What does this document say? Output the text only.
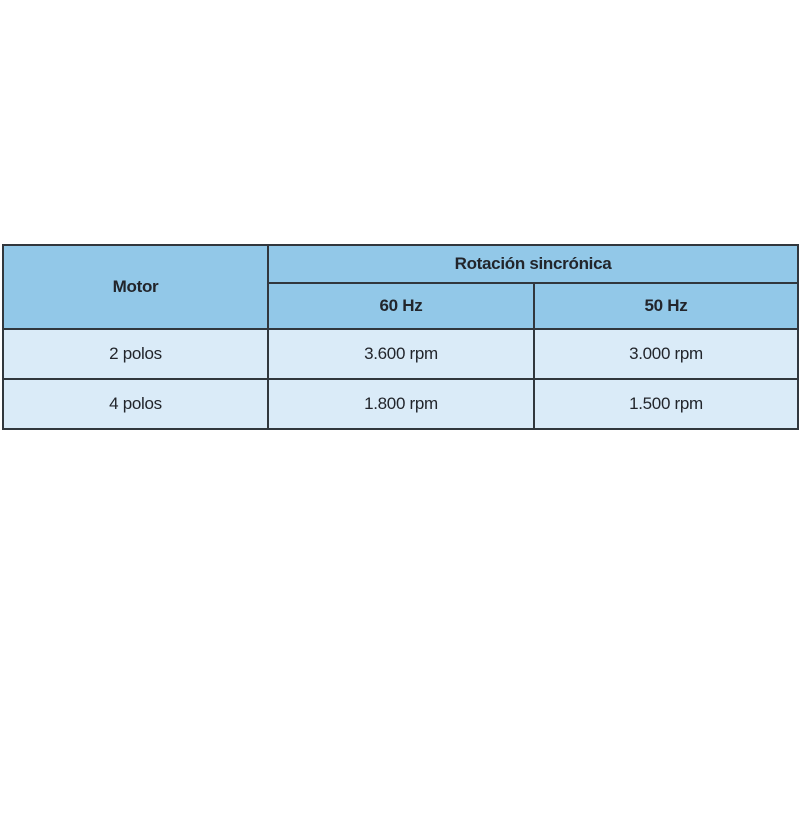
Motor	Rotación sincrónica	
	60 Hz	50 Hz
2 polos	3.600 rpm	3.000 rpm
4 polos	1.800 rpm	1.500 rpm
